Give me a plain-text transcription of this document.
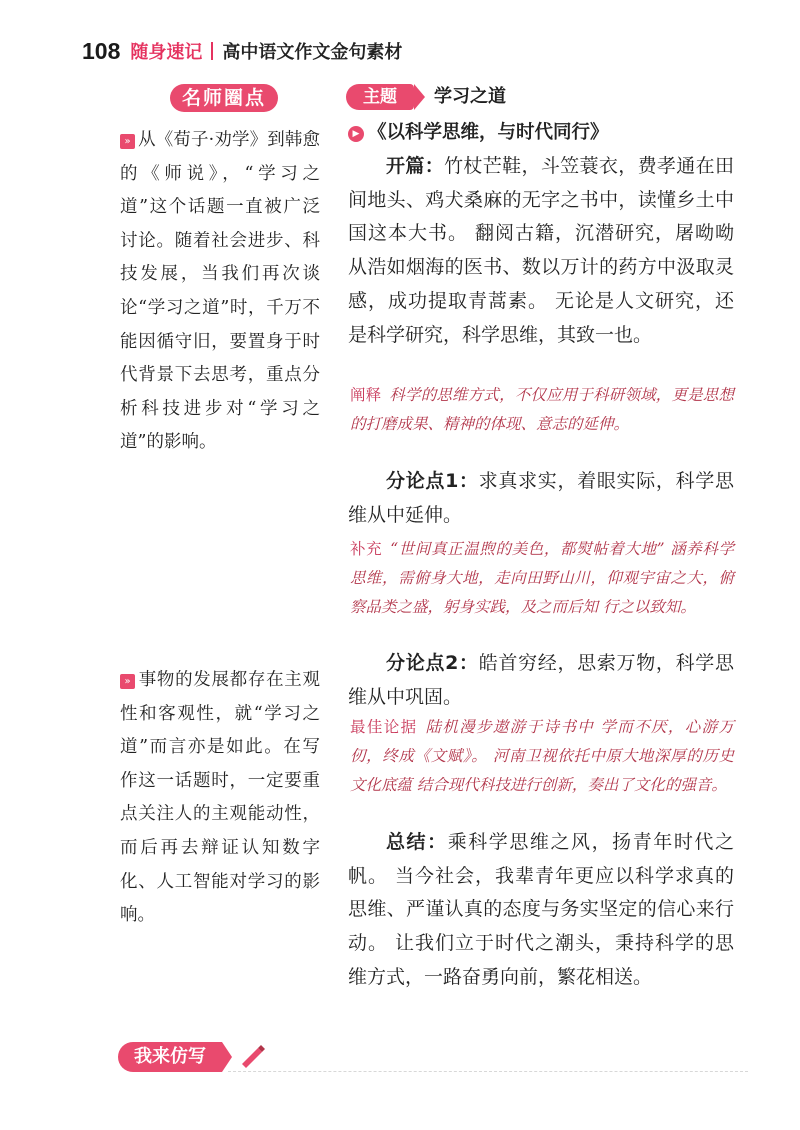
108 随身速记 高中语文作文金句素材
名师圈点	主题	学习之道
» 从《荀子·劝学》到韩愈的《师说》，“学习之道”这个话题一直被广泛讨论。随着社会进步、科技发展，当我们再次谈论“学习之道”时，千万不能因循守旧，要置身于时代背景下去思考，重点分析科技进步对“学习之道”的影响。
» 事物的发展都存在主观性和客观性，就“学习之道”而言亦是如此。在写作这一话题时，一定要重点关注人的主观能动性，而后再去辩证认知数字化、人工智能对学习的影响。
▶ 《以科学思维，与时代同行》
开篇：竹杖芒鞋，斗笠蓑衣，费孝通在田间地头、鸡犬桑麻的无字之书中，读懂乡土中国这本大书。 翻阅古籍，沉潜研究，屠呦呦从浩如烟海的医书、数以万计的药方中汲取灵感，成功提取青蒿素。 无论是人文研究，还是科学研究，科学思维，其致一也。
阐释 科学的思维方式，不仅应用于科研领域，更是思想的打磨成果、精神的体现、意志的延伸。
分论点1：求真求实，着眼实际，科学思维从中延伸。
补充 “世间真正温煦的美色，都熨帖着大地” 涵养科学思维，需俯身大地，走向田野山川，仰观宇宙之大，俯察品类之盛，躬身实践，及之而后知 行之以致知。
分论点2：皓首穷经，思索万物，科学思维从中巩固。
最佳论据 陆机漫步遨游于诗书中 学而不厌，心游万仞，终成《文赋》。 河南卫视依托中原大地深厚的历史文化底蕴 结合现代科技进行创新，奏出了文化的强音。
总结：乘科学思维之风，扬青年时代之帆。 当今社会，我辈青年更应以科学求真的思维、严谨认真的态度与务实坚定的信心来行动。 让我们立于时代之潮头，秉持科学的思维方式，一路奋勇向前，繁花相送。
我来仿写
